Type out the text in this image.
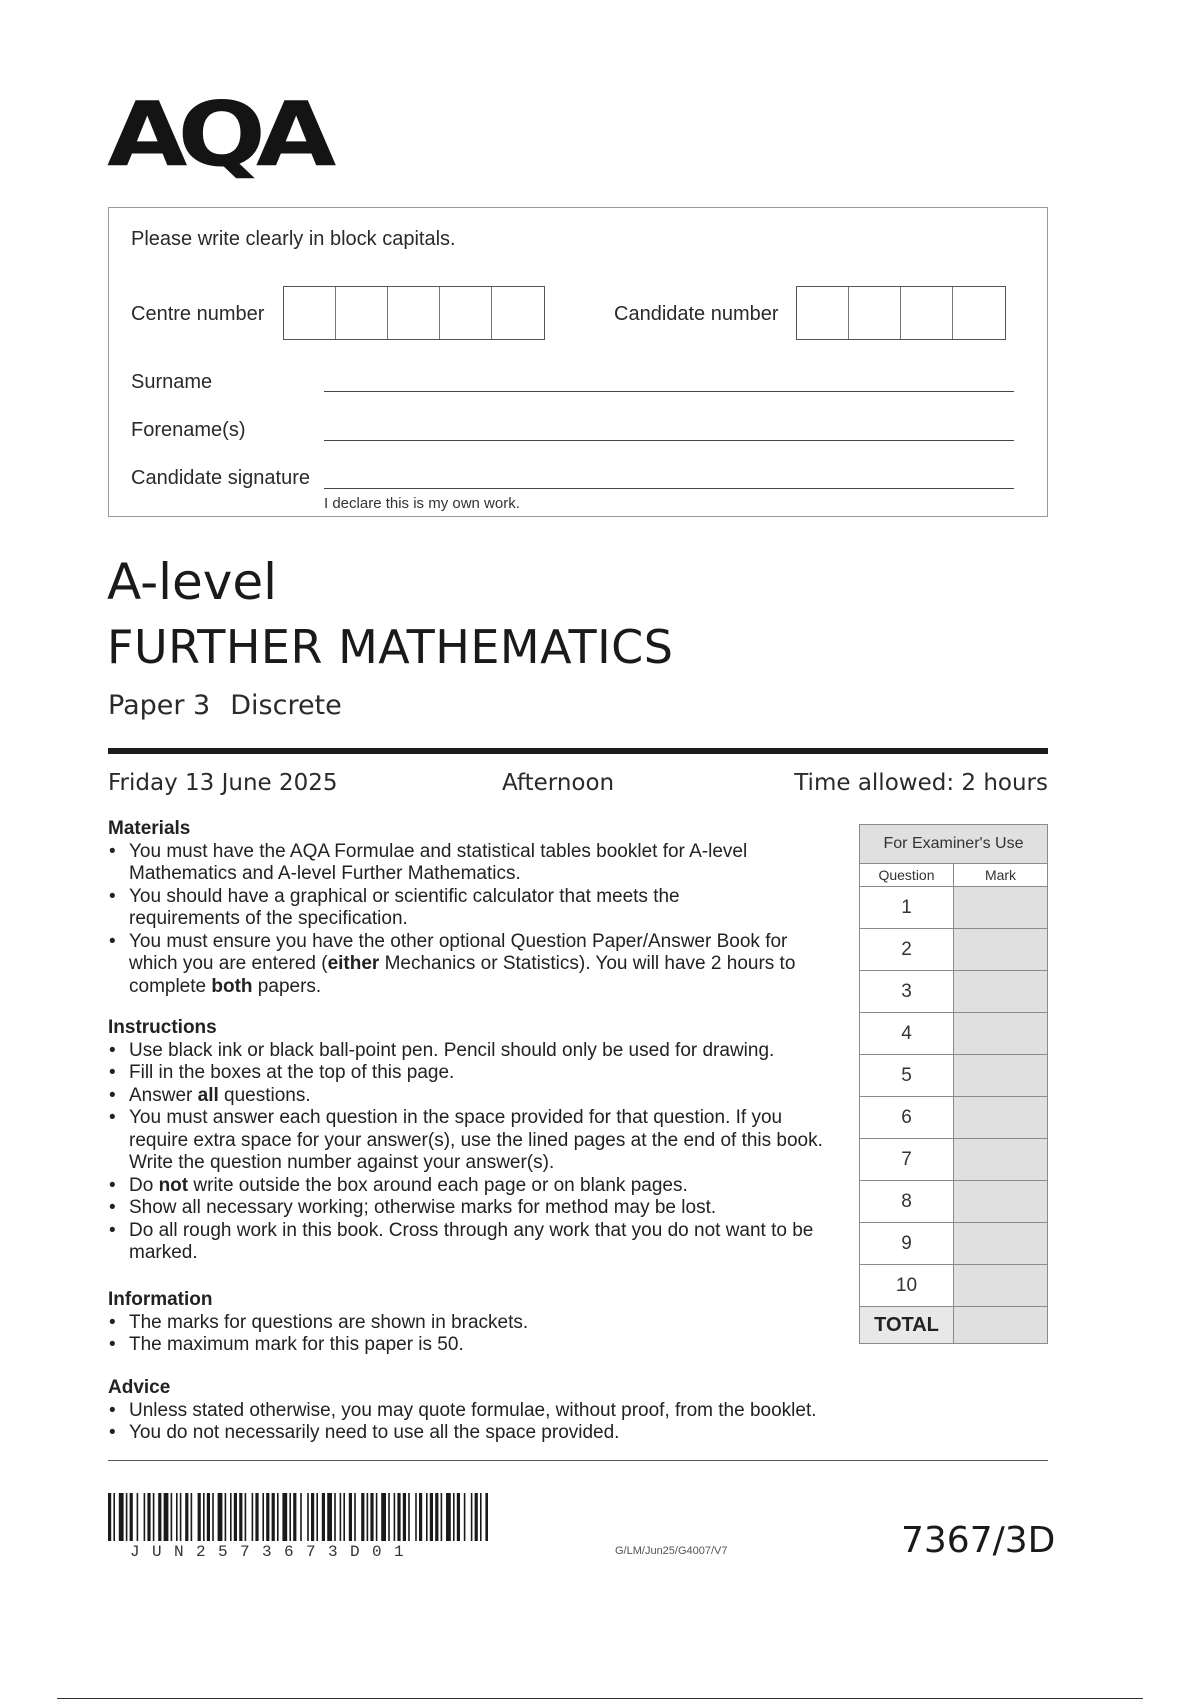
AQA
Please write clearly in block capitals.
Centre number	Candidate number
Surname
Forename(s)
Candidate signature
I declare this is my own work.
A-level
FURTHER MATHEMATICS
Paper 3 Discrete
Friday 13 June 2025	Afternoon	Time allowed: 2 hours
Materials
• You must have the AQA Formulae and statistical tables booklet for A-level Mathematics and A-level Further Mathematics.
• You should have a graphical or scientific calculator that meets the requirements of the specification.
• You must ensure you have the other optional Question Paper/Answer Book for which you are entered (either Mechanics or Statistics). You will have 2 hours to complete both papers.
Instructions
• Use black ink or black ball-point pen. Pencil should only be used for drawing.
• Fill in the boxes at the top of this page.
• Answer all questions.
• You must answer each question in the space provided for that question. If you require extra space for your answer(s), use the lined pages at the end of this book. Write the question number against your answer(s).
• Do not write outside the box around each page or on blank pages.
• Show all necessary working; otherwise marks for method may be lost.
• Do all rough work in this book. Cross through any work that you do not want to be marked.
Information
• The marks for questions are shown in brackets.
• The maximum mark for this paper is 50.
Advice
• Unless stated otherwise, you may quote formulae, without proof, from the booklet.
• You do not necessarily need to use all the space provided.
For Examiner's Use	
Question	Mark
1	
2	
3	
4	
5	
6	
7	
8	
9	
10	
TOTAL	
JUN2573673D01	G/LM/Jun25/G4007/V7	7367/3D
